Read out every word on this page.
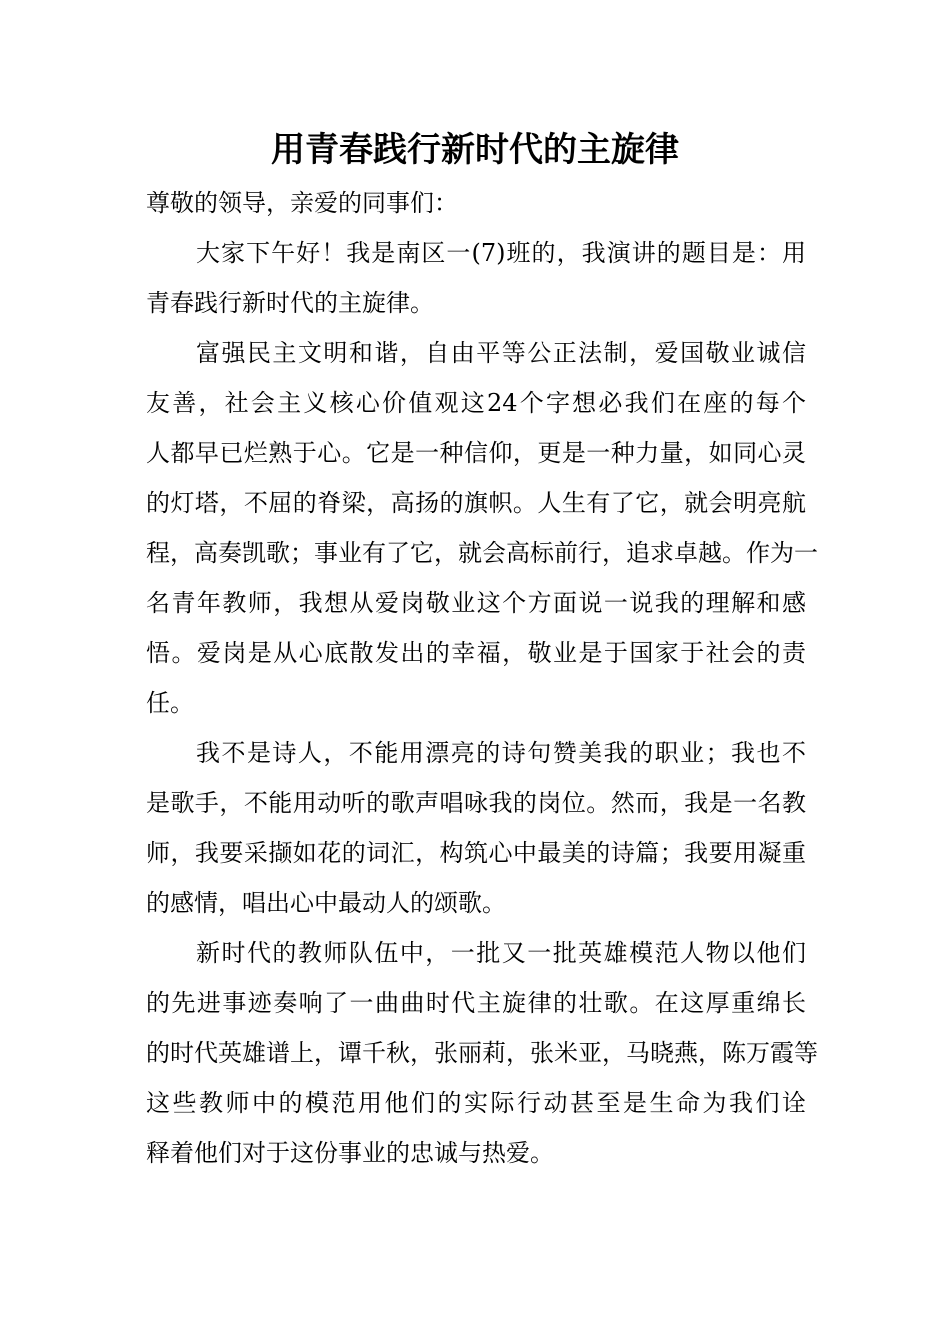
用青春践行新时代的主旋律

尊敬的领导，亲爱的同事们：

大家下午好！我是南区一(7)班的，我演讲的题目是：用
青春践行新时代的主旋律。
富强民主文明和谐，自由平等公正法制，爱国敬业诚信
友善，社会主义核心价值观这24个字想必我们在座的每个
人都早已烂熟于心。它是一种信仰，更是一种力量，如同心灵
的灯塔，不屈的脊梁，高扬的旗帜。人生有了它，就会明亮航
程，高奏凯歌；事业有了它，就会高标前行，追求卓越。作为一
名青年教师，我想从爱岗敬业这个方面说一说我的理解和感
悟。爱岗是从心底散发出的幸福，敬业是于国家于社会的责
任。
我不是诗人，不能用漂亮的诗句赞美我的职业；我也不
是歌手，不能用动听的歌声唱咏我的岗位。然而，我是一名教
师，我要采撷如花的词汇，构筑心中最美的诗篇；我要用凝重
的感情，唱出心中最动人的颂歌。
新时代的教师队伍中，一批又一批英雄模范人物以他们
的先进事迹奏响了一曲曲时代主旋律的壮歌。在这厚重绵长
的时代英雄谱上，谭千秋，张丽莉，张米亚，马晓燕，陈万霞等
这些教师中的模范用他们的实际行动甚至是生命为我们诠
释着他们对于这份事业的忠诚与热爱。
